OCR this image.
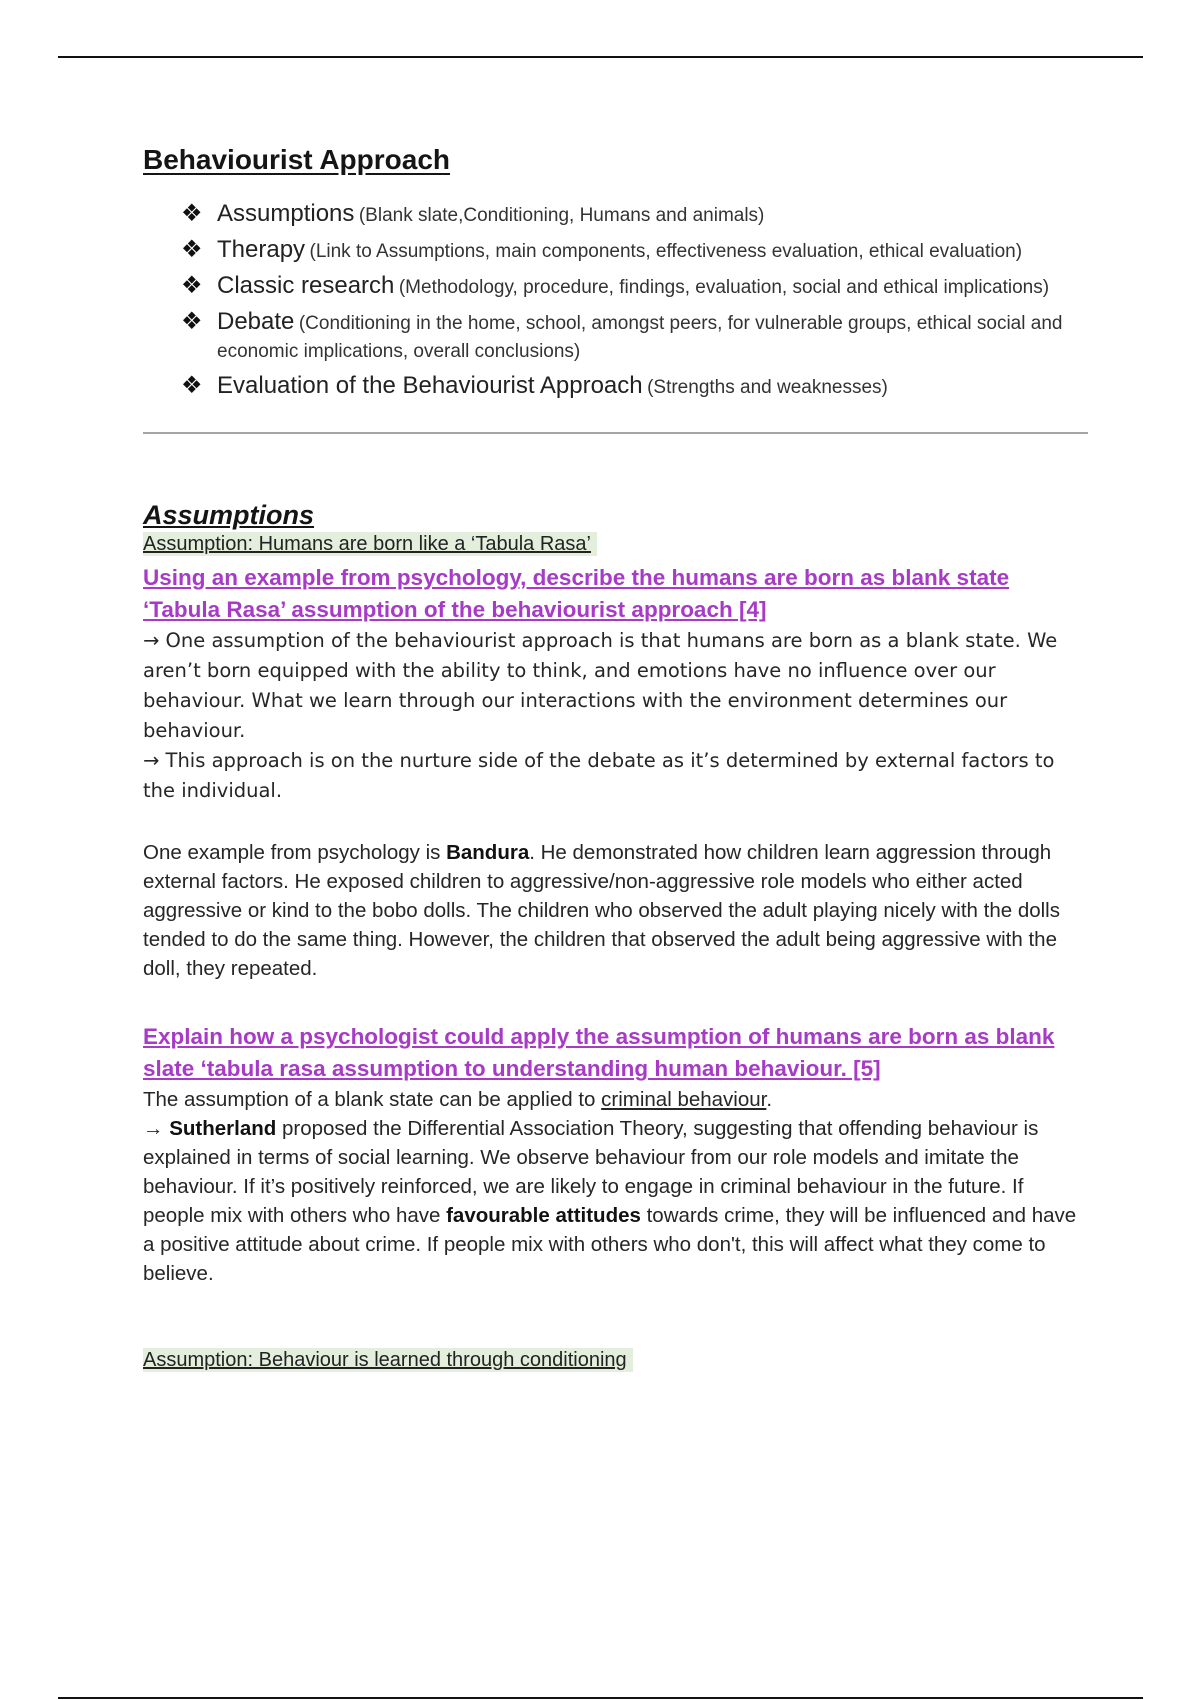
Behaviourist Approach
❖ Assumptions (Blank slate,Conditioning, Humans and animals)
❖ Therapy (Link to Assumptions, main components, effectiveness evaluation, ethical evaluation)
❖ Classic research (Methodology, procedure, findings, evaluation, social and ethical implications)
❖ Debate (Conditioning in the home, school, amongst peers, for vulnerable groups, ethical social and economic implications, overall conclusions)
❖ Evaluation of the Behaviourist Approach (Strengths and weaknesses)
Assumptions
Assumption: Humans are born like a ‘Tabula Rasa’

Using an example from psychology, describe the humans are born as blank state ‘Tabula Rasa’ assumption of the behaviourist approach [4]

→ One assumption of the behaviourist approach is that humans are born as a blank state. We aren’t born equipped with the ability to think, and emotions have no influence over our behaviour. What we learn through our interactions with the environment determines our behaviour.

→ This approach is on the nurture side of the debate as it’s determined by external factors to the individual.

One example from psychology is Bandura. He demonstrated how children learn aggression through external factors. He exposed children to aggressive/non-aggressive role models who either acted aggressive or kind to the bobo dolls. The children who observed the adult playing nicely with the dolls tended to do the same thing. However, the children that observed the adult being aggressive with the doll, they repeated.

Explain how a psychologist could apply the assumption of humans are born as blank slate ‘tabula rasa assumption to understanding human behaviour. [5]

The assumption of a blank state can be applied to criminal behaviour.

→ Sutherland proposed the Differential Association Theory, suggesting that offending behaviour is explained in terms of social learning. We observe behaviour from our role models and imitate the behaviour. If it’s positively reinforced, we are likely to engage in criminal behaviour in the future. If people mix with others who have favourable attitudes towards crime, they will be influenced and have a positive attitude about crime. If people mix with others who don't, this will affect what they come to believe.

Assumption: Behaviour is learned through conditioning
